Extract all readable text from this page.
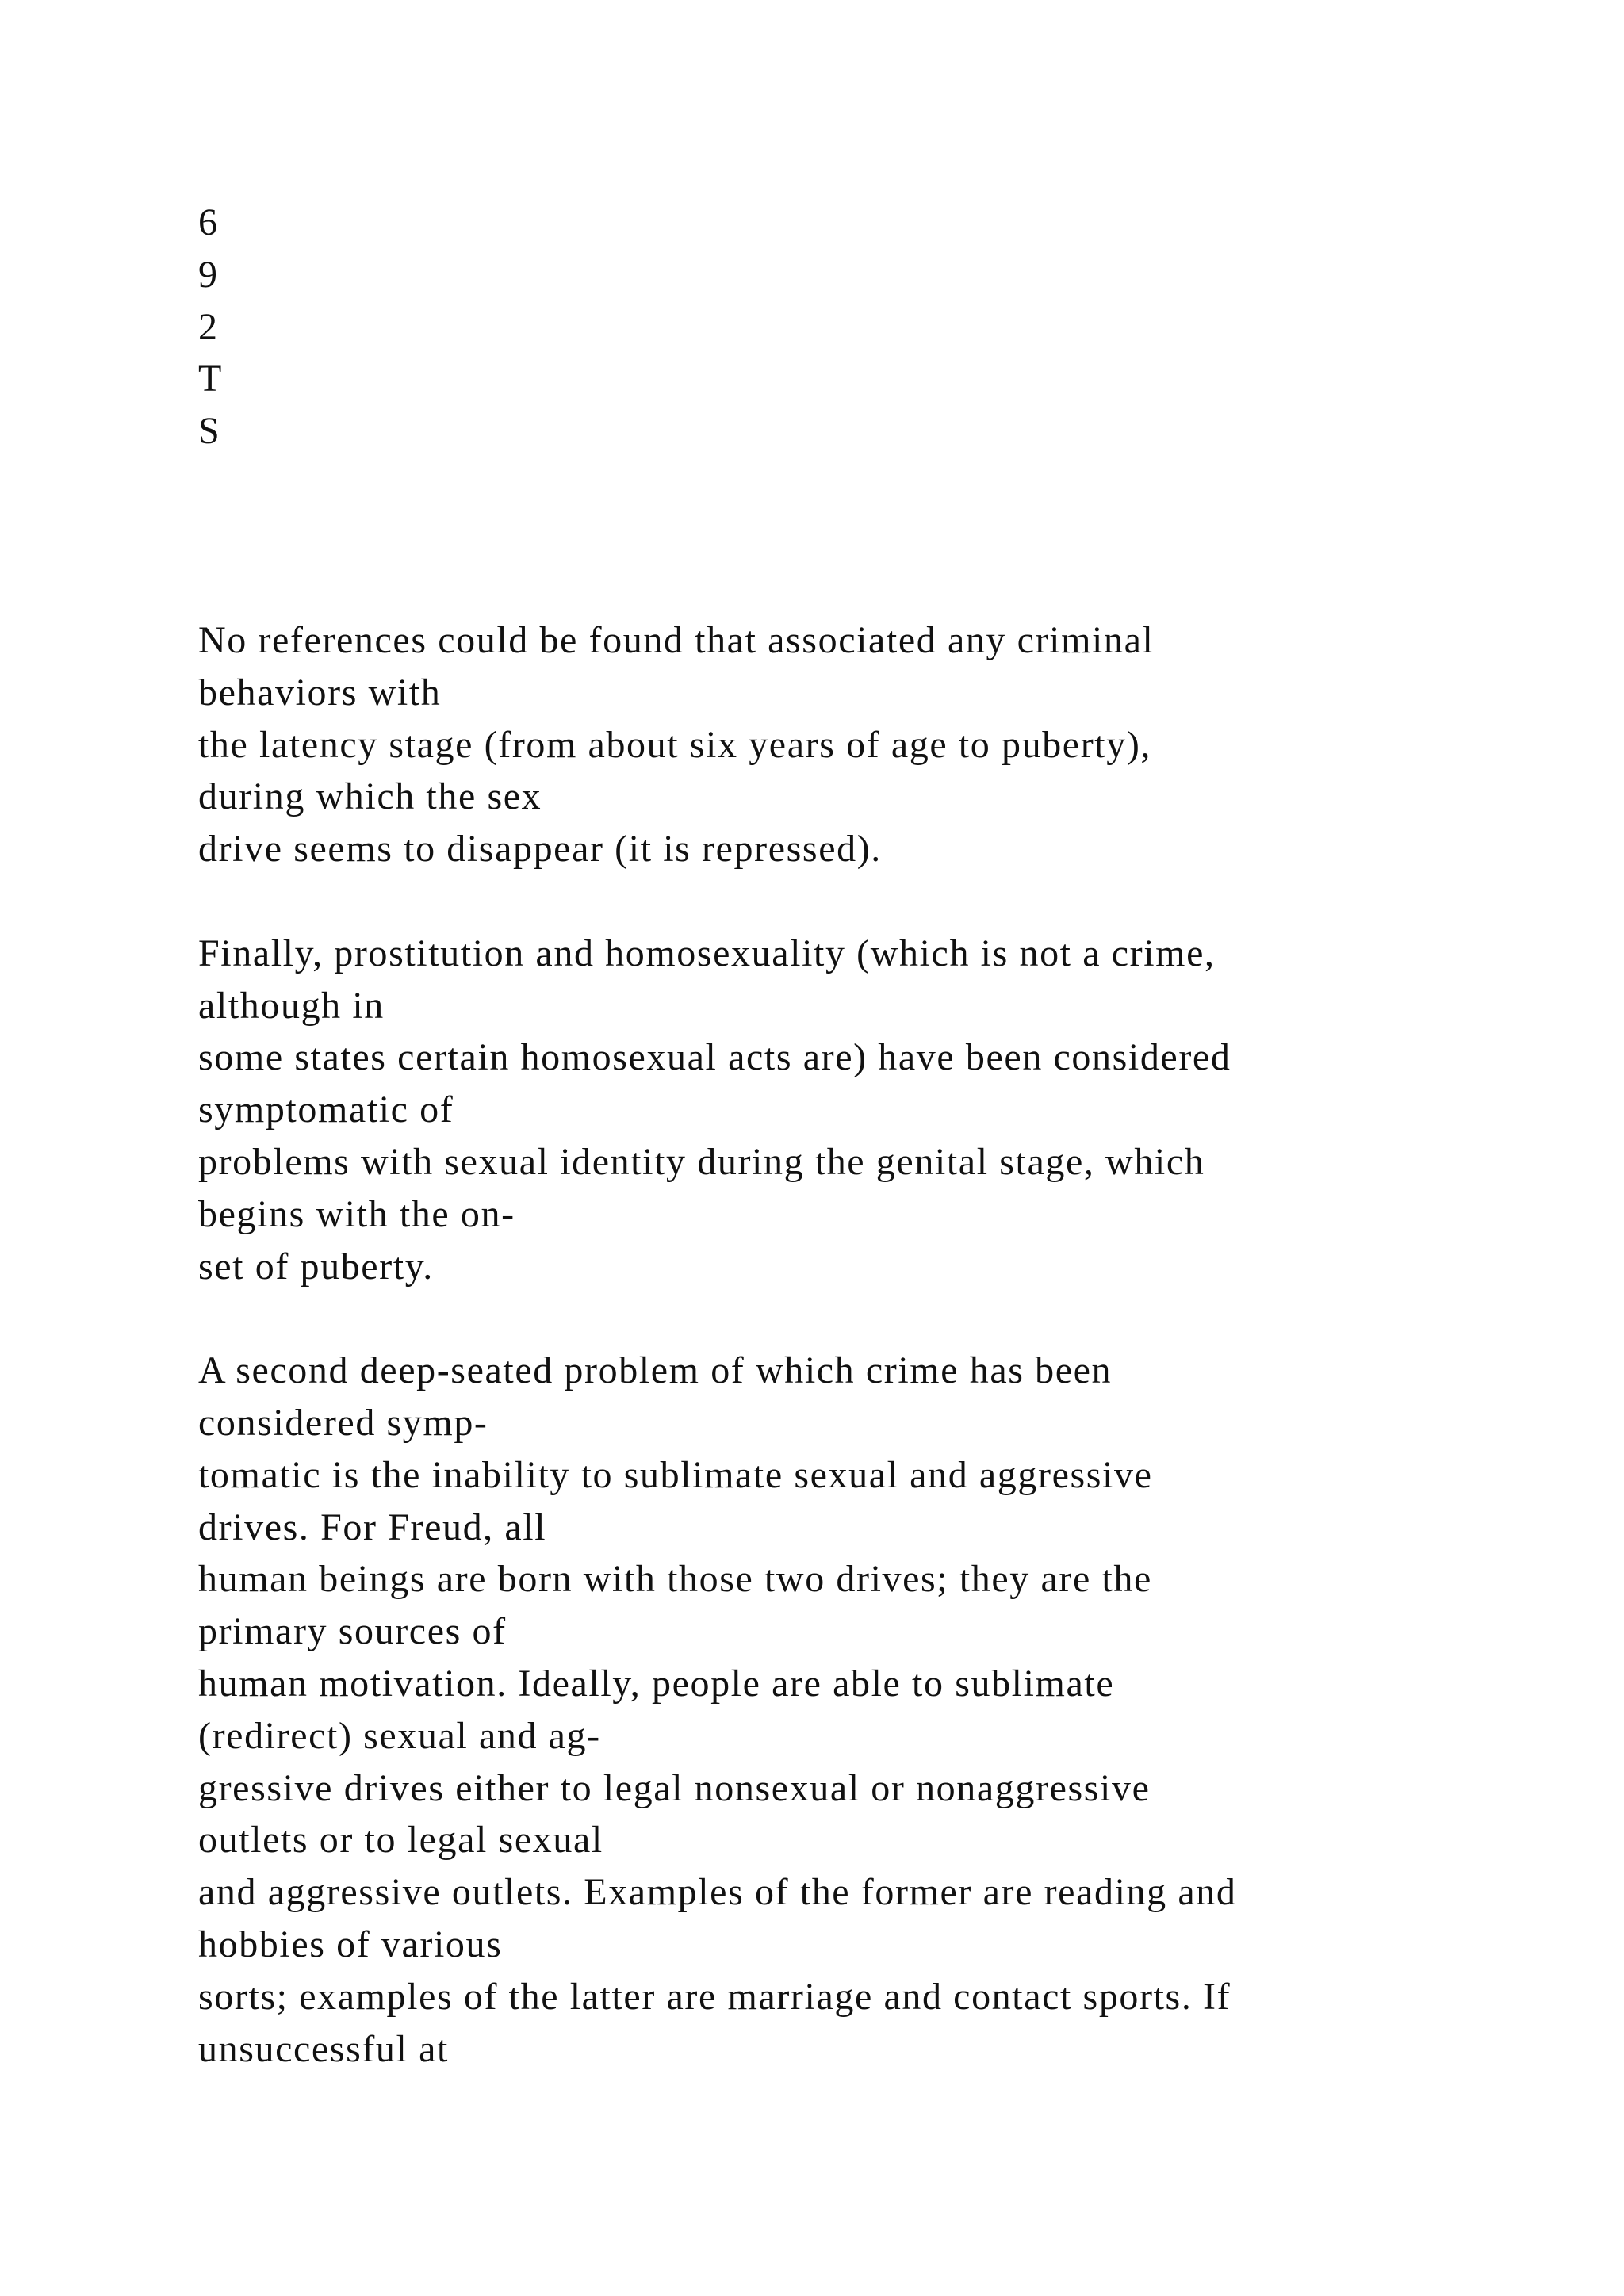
6
9
2
T
S
No references could be found that associated any criminal
behaviors with
the latency stage (from about six years of age to puberty),
during which the sex
drive seems to disappear (it is repressed).
Finally, prostitution and homosexuality (which is not a crime,
although in
some states certain homosexual acts are) have been considered
symptomatic of
problems with sexual identity during the genital stage, which
begins with the on-
set of puberty.
A second deep-seated problem of which crime has been
considered symp-
tomatic is the inability to sublimate sexual and aggressive
drives. For Freud, all
human beings are born with those two drives; they are the
primary sources of
human motivation. Ideally, people are able to sublimate
(redirect) sexual and ag-
gressive drives either to legal nonsexual or nonaggressive
outlets or to legal sexual
and aggressive outlets. Examples of the former are reading and
hobbies of various
sorts; examples of the latter are marriage and contact sports. If
unsuccessful at
